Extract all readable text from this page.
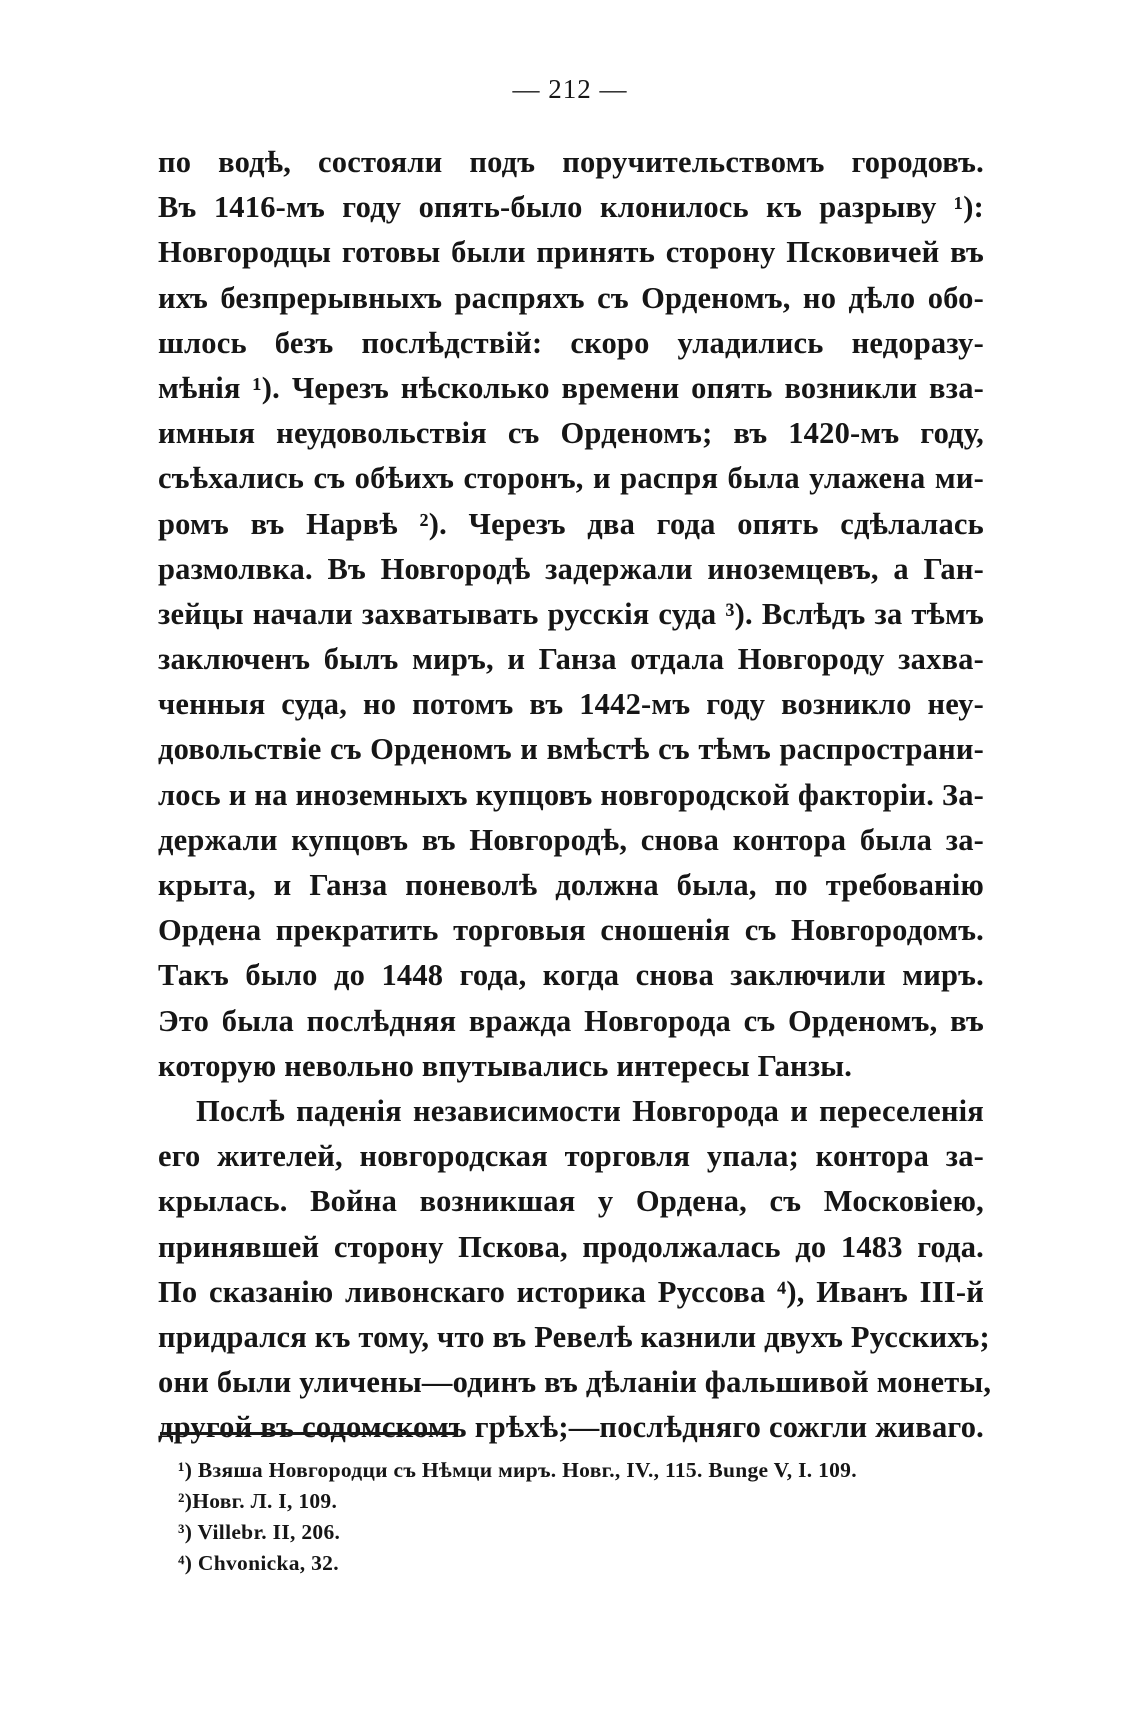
— 212 —
по водѣ, состояли подъ поручительствомъ городовъ.
Въ 1416-мъ году опять-было клонилось къ разрыву ¹):
Новгородцы готовы были принять сторону Псковичей въ
ихъ безпрерывныхъ распряхъ съ Орденомъ, но дѣло обо-
шлось безъ послѣдствій: скоро уладились недоразу-
мѣнія ¹). Черезъ нѣсколько времени опять возникли вза-
имныя неудовольствія съ Орденомъ; въ 1420-мъ году,
съѣхались съ обѣихъ сторонъ, и распря была улажена ми-
ромъ въ Нарвѣ ²). Черезъ два года опять сдѣлалась
размолвка. Въ Новгородѣ задержали иноземцевъ, а Ган-
зейцы начали захватывать русскія суда ³). Вслѣдъ за тѣмъ
заключенъ былъ миръ, и Ганза отдала Новгороду захва-
ченныя суда, но потомъ въ 1442-мъ году возникло неу-
довольствіе съ Орденомъ и вмѣстѣ съ тѣмъ распространи-
лось и на иноземныхъ купцовъ новгородской факторіи. За-
держали купцовъ въ Новгородѣ, снова контора была за-
крыта, и Ганза поневолѣ должна была, по требованію
Ордена прекратить торговыя сношенія съ Новгородомъ.
Такъ было до 1448 года, когда снова заключили миръ.
Это была послѣдняя вражда Новгорода съ Орденомъ, въ
которую невольно впутывались интересы Ганзы.
Послѣ паденія независимости Новгорода и переселенія
его жителей, новгородская торговля упала; контора за-
крылась. Война возникшая у Ордена, съ Московіею,
принявшей сторону Пскова, продолжалась до 1483 года.
По сказанію ливонскаго историка Руссова ⁴), Иванъ III-й
придрался къ тому, что въ Ревелѣ казнили двухъ Русскихъ;
они были уличены—одинъ въ дѣланіи фальшивой монеты,
другой въ содомскомъ грѣхѣ;—послѣдняго сожгли живаго.
¹) Взяша Новгородци съ Нѣмци миръ. Новг., IV., 115. Bunge V, I. 109.
²)Новг. Л. I, 109.
³) Villebr. II, 206.
⁴) Chvonicka, 32.
